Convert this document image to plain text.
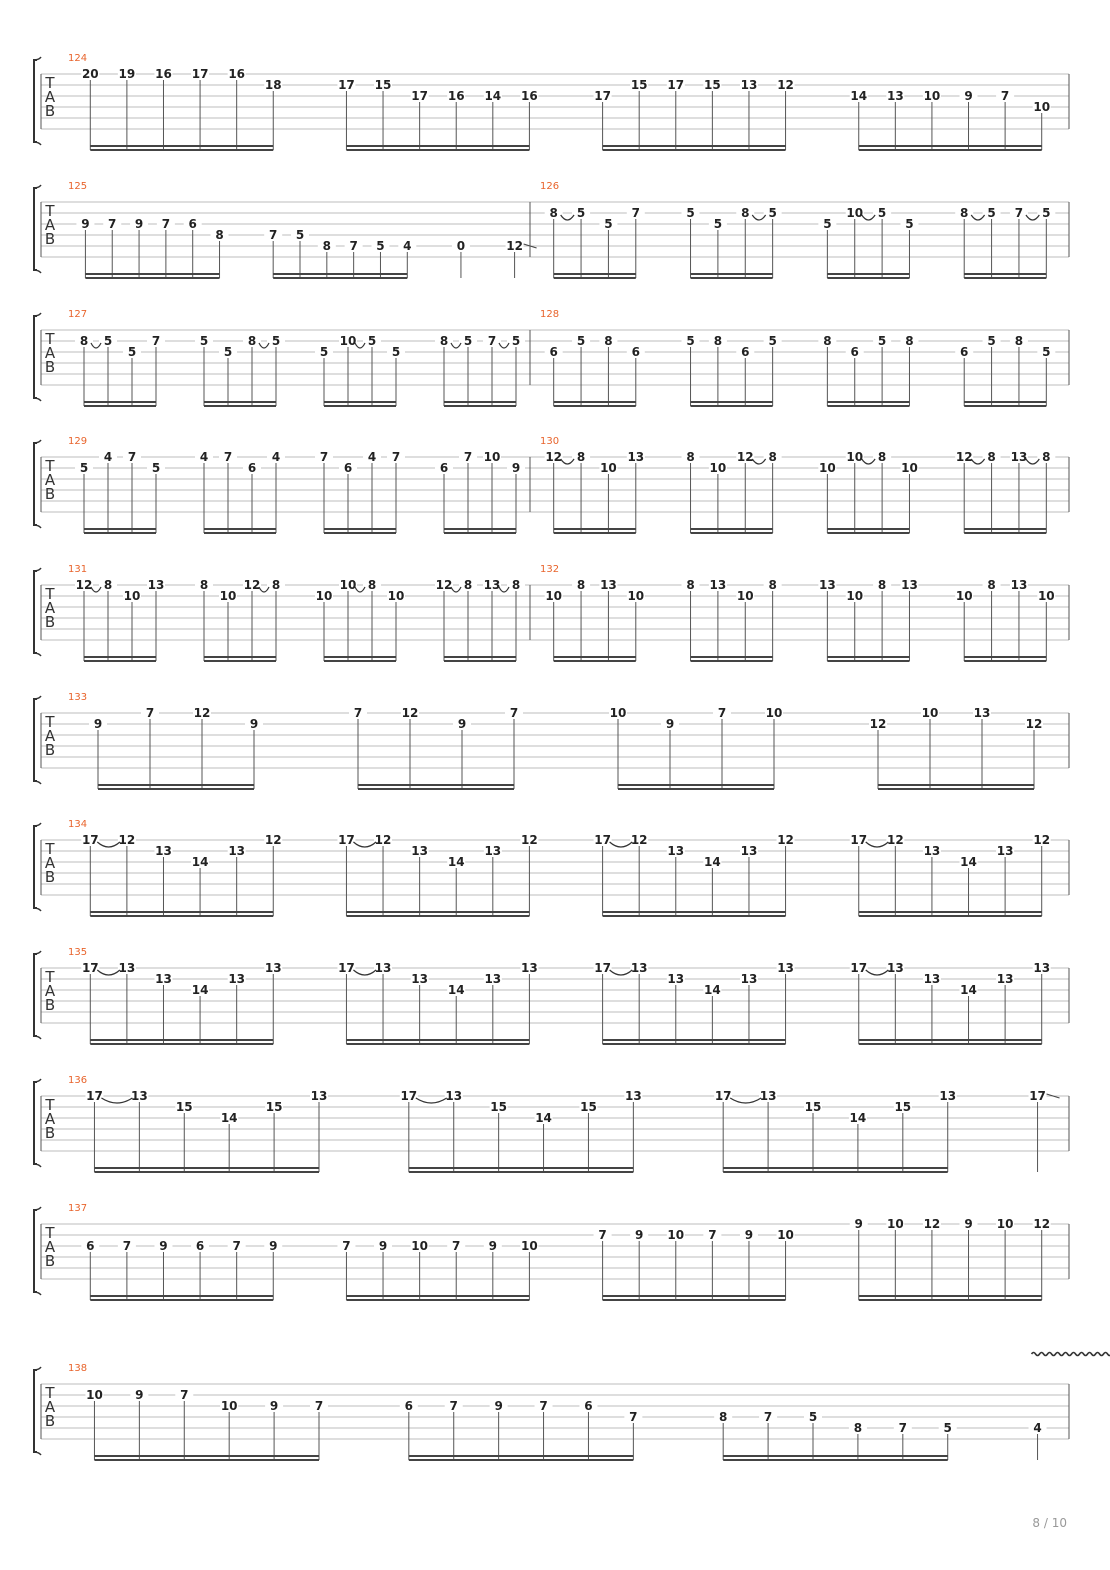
T
A
B
124
20 19 16 17 16
18	17 15
17 16 14 16	17
15 17 15 13 12
14 13 10 9 7
10
T
A
B
125
9 7 9 7 6
8	7 5
8 7 5 4	0	12
126
8 5
5
7	5
5
8 5
5
10 5
5
8 5 7 5
T
A
B
127
8 5
5
7	5
5
8 5
5
10 5
5
8 5 7 5
128
6
5 8
6
5 8
6
5	8
6
5 8
6
5 8
5
T
A
B
129
5
4 7
5
4 7
6
4	7
6
4 7
6
7 10
9
130
12 8
10
13	8
10
12 8
10
10 8
10
12 8 13 8
T
A
B
131
12 8
10
13	8
10
12 8
10
10 8
10
12 8 13 8
132
10
8 13
10
8 13
10
8	13
10
8 13
10
8 13
10
T
A
B
133
9
7	12
9
7	12
9
7	10
9
7	10
12
10	13
12
T
A
B
134
17 12
13
14
13
12	17 12
13
14
13
12	17 12
13
14
13
12	17 12
13
14
13
12
T
A
B
135
17 13
13
14
13
13	17 13
13
14
13
13	17 13
13
14
13
13	17 13
13
14
13
13
T
A
B
136
17 13
15
14
15
13	17 13
15
14
15
13	17 13
15
14
15
13	17
T
A
B
137
6 7 9 6 7 9	7 9 10 7 9 10
7 9 10 7 9 10
9 10 12 9 10 12
T
A
B
138
10	9	7
10	9	7	6	7	9	7	6
7	8	7	5
8	7	5	4
8 / 10
